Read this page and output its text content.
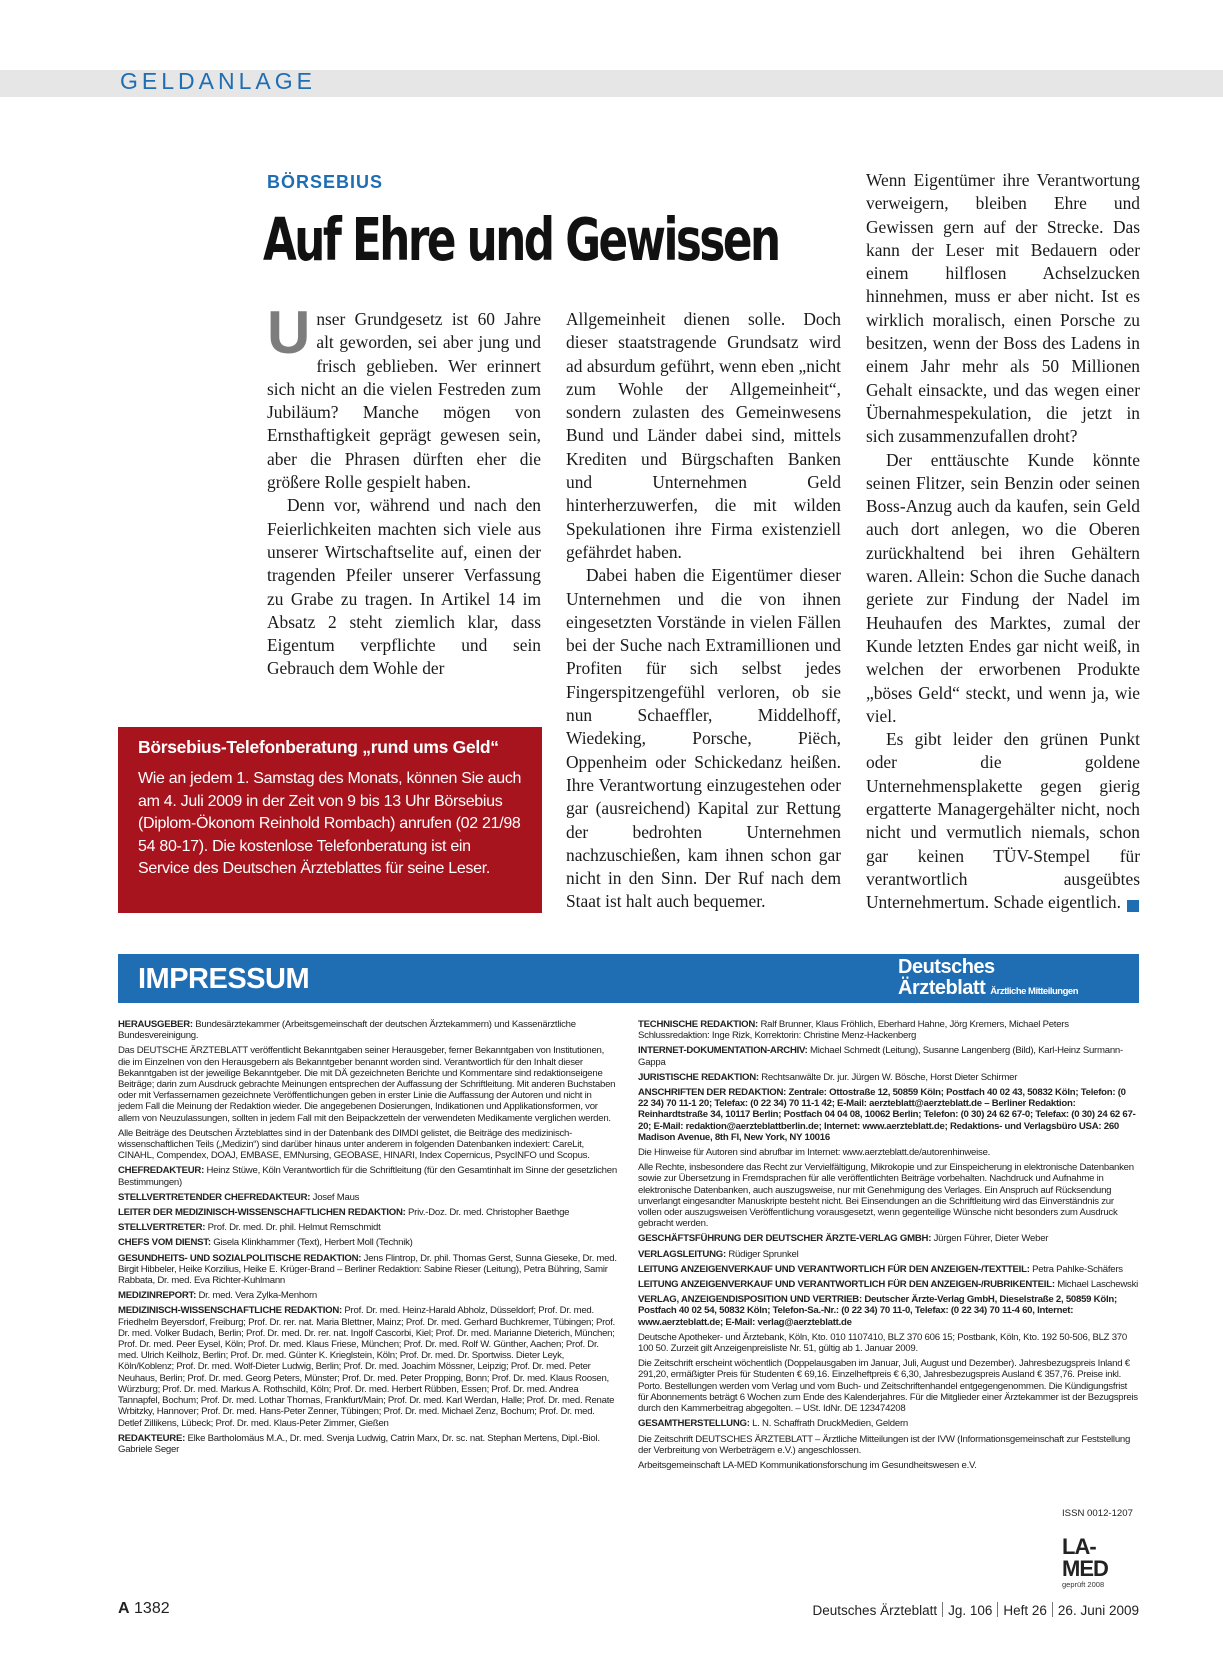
GELDANLAGE
BÖRSEBIUS
Auf Ehre und Gewissen

Unser Grundgesetz ist 60 Jahre alt geworden, sei aber jung und frisch geblieben. Wer erinnert sich nicht an die vielen Festreden zum Jubiläum? Manche mögen von Ernsthaftigkeit geprägt gewesen sein, aber die Phrasen dürften eher die größere Rolle gespielt haben.

Denn vor, während und nach den Feierlichkeiten machten sich viele aus unserer Wirtschaftselite auf, einen der tragenden Pfeiler unserer Verfassung zu Grabe zu tragen. In Artikel 14 im Absatz 2 steht ziemlich klar, dass Eigentum verpflichte und sein Gebrauch dem Wohle der

Allgemeinheit dienen solle. Doch dieser staatstragende Grundsatz wird ad absurdum geführt, wenn eben „nicht zum Wohle der Allgemeinheit“, sondern zulasten des Gemeinwesens Bund und Länder dabei sind, mittels Krediten und Bürgschaften Banken und Unternehmen Geld hinterherzuwerfen, die mit wilden Spekulationen ihre Firma existenziell gefährdet haben.

Dabei haben die Eigentümer dieser Unternehmen und die von ihnen eingesetzten Vorstände in vielen Fällen bei der Suche nach Extramillionen und Profiten für sich selbst jedes Fingerspitzengefühl verloren, ob sie nun Schaeffler, Middelhoff, Wiedeking, Porsche, Piëch, Oppenheim oder Schickedanz heißen. Ihre Verantwortung einzugestehen oder gar (ausreichend) Kapital zur Rettung der bedrohten Unternehmen nachzuschießen, kam ihnen schon gar nicht in den Sinn. Der Ruf nach dem Staat ist halt auch bequemer.

Wenn Eigentümer ihre Verantwortung verweigern, bleiben Ehre und Gewissen gern auf der Strecke. Das kann der Leser mit Bedauern oder einem hilflosen Achselzucken hinnehmen, muss er aber nicht. Ist es wirklich moralisch, einen Porsche zu besitzen, wenn der Boss des Ladens in einem Jahr mehr als 50 Millionen Gehalt einsackte, und das wegen einer Übernahmespekulation, die jetzt in sich zusammenzufallen droht?

Der enttäuschte Kunde könnte seinen Flitzer, sein Benzin oder seinen Boss-Anzug auch da kaufen, sein Geld auch dort anlegen, wo die Oberen zurückhaltend bei ihren Gehältern waren. Allein: Schon die Suche danach geriete zur Findung der Nadel im Heuhaufen des Marktes, zumal der Kunde letzten Endes gar nicht weiß, in welchen der erworbenen Produkte „böses Geld“ steckt, und wenn ja, wie viel.

Es gibt leider den grünen Punkt oder die goldene Unternehmensplakette gegen gierig ergatterte Managergehälter nicht, noch nicht und vermutlich niemals, schon gar keinen TÜV-Stempel für verantwortlich ausgeübtes Unternehmertum. Schade eigentlich.

Börsebius-Telefonberatung „rund ums Geld“
Wie an jedem 1. Samstag des Monats, können Sie auch am 4. Juli 2009 in der Zeit von 9 bis 13 Uhr Börsebius (Diplom-Ökonom Reinhold Rombach) anrufen (02 21/98 54 80-17). Die kostenlose Telefonberatung ist ein Service des Deutschen Ärzteblattes für seine Leser.
IMPRESSUM	Deutsches
Ärzteblatt Ärztliche Mitteilungen

HERAUSGEBER: Bundesärztekammer (Arbeitsgemeinschaft der deutschen Ärztekammern) und Kassenärztliche Bundesvereinigung.

Das DEUTSCHE ÄRZTEBLATT veröffentlicht Bekanntgaben seiner Herausgeber, ferner Bekanntgaben von Institutionen, die im Einzelnen von den Herausgebern als Bekanntgeber benannt worden sind. Verantwortlich für den Inhalt dieser Bekanntgaben ist der jeweilige Bekanntgeber. Die mit DÄ gezeichneten Berichte und Kommentare sind redaktionseigene Beiträge; darin zum Ausdruck gebrachte Meinungen entsprechen der Auffassung der Schriftleitung. Mit anderen Buchstaben oder mit Verfassernamen gezeichnete Veröffentlichungen geben in erster Linie die Auffassung der Autoren und nicht in jedem Fall die Meinung der Redaktion wieder. Die angegebenen Dosierungen, Indikationen und Applikationsformen, vor allem von Neuzulassungen, sollten in jedem Fall mit den Beipackzetteln der verwendeten Medikamente verglichen werden.

Alle Beiträge des Deutschen Ärzteblattes sind in der Datenbank des DIMDI gelistet, die Beiträge des medizinisch-wissenschaftlichen Teils („Medizin“) sind darüber hinaus unter anderem in folgenden Datenbanken indexiert: CareLit, CINAHL, Compendex, DOAJ, EMBASE, EMNursing, GEOBASE, HINARI, Index Copernicus, PsycINFO und Scopus.

CHEFREDAKTEUR: Heinz Stüwe, Köln Verantwortlich für die Schriftleitung (für den Gesamtinhalt im Sinne der gesetzlichen Bestimmungen)

STELLVERTRETENDER CHEFREDAKTEUR: Josef Maus

LEITER DER MEDIZINISCH-WISSENSCHAFTLICHEN REDAKTION: Priv.-Doz. Dr. med. Christopher Baethge

STELLVERTRETER: Prof. Dr. med. Dr. phil. Helmut Remschmidt

CHEFS VOM DIENST: Gisela Klinkhammer (Text), Herbert Moll (Technik)

GESUNDHEITS- UND SOZIALPOLITISCHE REDAKTION: Jens Flintrop, Dr. phil. Thomas Gerst, Sunna Gieseke, Dr. med. Birgit Hibbeler, Heike Korzilius, Heike E. Krüger-Brand – Berliner Redaktion: Sabine Rieser (Leitung), Petra Bühring, Samir Rabbata, Dr. med. Eva Richter-Kuhlmann

MEDIZINREPORT: Dr. med. Vera Zylka-Menhorn

MEDIZINISCH-WISSENSCHAFTLICHE REDAKTION: Prof. Dr. med. Heinz-Harald Abholz, Düsseldorf; Prof. Dr. med. Friedhelm Beyersdorf, Freiburg; Prof. Dr. rer. nat. Maria Blettner, Mainz; Prof. Dr. med. Gerhard Buchkremer, Tübingen; Prof. Dr. med. Volker Budach, Berlin; Prof. Dr. med. Dr. rer. nat. Ingolf Cascorbi, Kiel; Prof. Dr. med. Marianne Dieterich, München; Prof. Dr. med. Peer Eysel, Köln; Prof. Dr. med. Klaus Friese, München; Prof. Dr. med. Rolf W. Günther, Aachen; Prof. Dr. med. Ulrich Keilholz, Berlin; Prof. Dr. med. Günter K. Krieglstein, Köln; Prof. Dr. med. Dr. Sportwiss. Dieter Leyk, Köln/Koblenz; Prof. Dr. med. Wolf-Dieter Ludwig, Berlin; Prof. Dr. med. Joachim Mössner, Leipzig; Prof. Dr. med. Peter Neuhaus, Berlin; Prof. Dr. med. Georg Peters, Münster; Prof. Dr. med. Peter Propping, Bonn; Prof. Dr. med. Klaus Roosen, Würzburg; Prof. Dr. med. Markus A. Rothschild, Köln; Prof. Dr. med. Herbert Rübben, Essen; Prof. Dr. med. Andrea Tannapfel, Bochum; Prof. Dr. med. Lothar Thomas, Frankfurt/Main; Prof. Dr. med. Karl Werdan, Halle; Prof. Dr. med. Renate Wrbitzky, Hannover; Prof. Dr. med. Hans-Peter Zenner, Tübingen; Prof. Dr. med. Michael Zenz, Bochum; Prof. Dr. med. Detlef Zillikens, Lübeck; Prof. Dr. med. Klaus-Peter Zimmer, Gießen

REDAKTEURE: Elke Bartholomäus M.A., Dr. med. Svenja Ludwig, Catrin Marx, Dr. sc. nat. Stephan Mertens, Dipl.-Biol. Gabriele Seger

TECHNISCHE REDAKTION: Ralf Brunner, Klaus Fröhlich, Eberhard Hahne, Jörg Kremers, Michael Peters Schlussredaktion: Inge Rizk, Korrektorin: Christine Menz-Hackenberg

INTERNET-DOKUMENTATION-ARCHIV: Michael Schmedt (Leitung), Susanne Langenberg (Bild), Karl-Heinz Surmann-Gappa

JURISTISCHE REDAKTION: Rechtsanwälte Dr. jur. Jürgen W. Bösche, Horst Dieter Schirmer

ANSCHRIFTEN DER REDAKTION: Zentrale: Ottostraße 12, 50859 Köln; Postfach 40 02 43, 50832 Köln; Telefon: (0 22 34) 70 11-1 20; Telefax: (0 22 34) 70 11-1 42; E-Mail: aerzteblatt@aerzteblatt.de – Berliner Redaktion: Reinhardtstraße 34, 10117 Berlin; Postfach 04 04 08, 10062 Berlin; Telefon: (0 30) 24 62 67-0; Telefax: (0 30) 24 62 67-20; E-Mail: redaktion@aerzteblattberlin.de; Internet: www.aerzteblatt.de; Redaktions- und Verlagsbüro USA: 260 Madison Avenue, 8th Fl, New York, NY 10016

Die Hinweise für Autoren sind abrufbar im Internet: www.aerzteblatt.de/autorenhinweise.

Alle Rechte, insbesondere das Recht zur Vervielfältigung, Mikrokopie und zur Einspeicherung in elektronische Datenbanken sowie zur Übersetzung in Fremdsprachen für alle veröffentlichten Beiträge vorbehalten. Nachdruck und Aufnahme in elektronische Datenbanken, auch auszugsweise, nur mit Genehmigung des Verlages. Ein Anspruch auf Rücksendung unverlangt eingesandter Manuskripte besteht nicht. Bei Einsendungen an die Schriftleitung wird das Einverständnis zur vollen oder auszugsweisen Veröffentlichung vorausgesetzt, wenn gegenteilige Wünsche nicht besonders zum Ausdruck gebracht werden.

GESCHÄFTSFÜHRUNG DER DEUTSCHER ÄRZTE-VERLAG GMBH: Jürgen Führer, Dieter Weber

VERLAGSLEITUNG: Rüdiger Sprunkel

LEITUNG ANZEIGENVERKAUF UND VERANTWORTLICH FÜR DEN ANZEIGEN-/TEXTTEIL: Petra Pahlke-Schäfers

LEITUNG ANZEIGENVERKAUF UND VERANTWORTLICH FÜR DEN ANZEIGEN-/RUBRIKENTEIL: Michael Laschewski

VERLAG, ANZEIGENDISPOSITION UND VERTRIEB: Deutscher Ärzte-Verlag GmbH, Dieselstraße 2, 50859 Köln; Postfach 40 02 54, 50832 Köln; Telefon-Sa.-Nr.: (0 22 34) 70 11-0, Telefax: (0 22 34) 70 11-4 60, Internet: www.aerzteblatt.de; E-Mail: verlag@aerzteblatt.de

Deutsche Apotheker- und Ärztebank, Köln, Kto. 010 1107410, BLZ 370 606 15; Postbank, Köln, Kto. 192 50-506, BLZ 370 100 50. Zurzeit gilt Anzeigenpreisliste Nr. 51, gültig ab 1. Januar 2009.

Die Zeitschrift erscheint wöchentlich (Doppelausgaben im Januar, Juli, August und Dezember). Jahresbezugspreis Inland € 291,20, ermäßigter Preis für Studenten € 69,16. Einzelheftpreis € 6,30, Jahresbezugspreis Ausland € 357,76. Preise inkl. Porto. Bestellungen werden vom Verlag und vom Buch- und Zeitschriftenhandel entgegengenommen. Die Kündigungsfrist für Abonnements beträgt 6 Wochen zum Ende des Kalenderjahres. Für die Mitglieder einer Ärztekammer ist der Bezugspreis durch den Kammerbeitrag abgegolten. – USt. IdNr. DE 123474208

GESAMTHERSTELLUNG: L. N. Schaffrath DruckMedien, Geldern

Die Zeitschrift DEUTSCHES ÄRZTEBLATT – Ärztliche Mitteilungen ist der IVW (Informationsgemeinschaft zur Feststellung der Verbreitung von Werbeträgern e.V.) angeschlossen.

Arbeitsgemeinschaft LA-MED Kommunikationsforschung im Gesundheitswesen e.V.

ISSN 0012-1207
LA-MED
geprüft 2008
A 1382	Deutsches Ärzteblatt Jg. 106 Heft 26 26. Juni 2009
